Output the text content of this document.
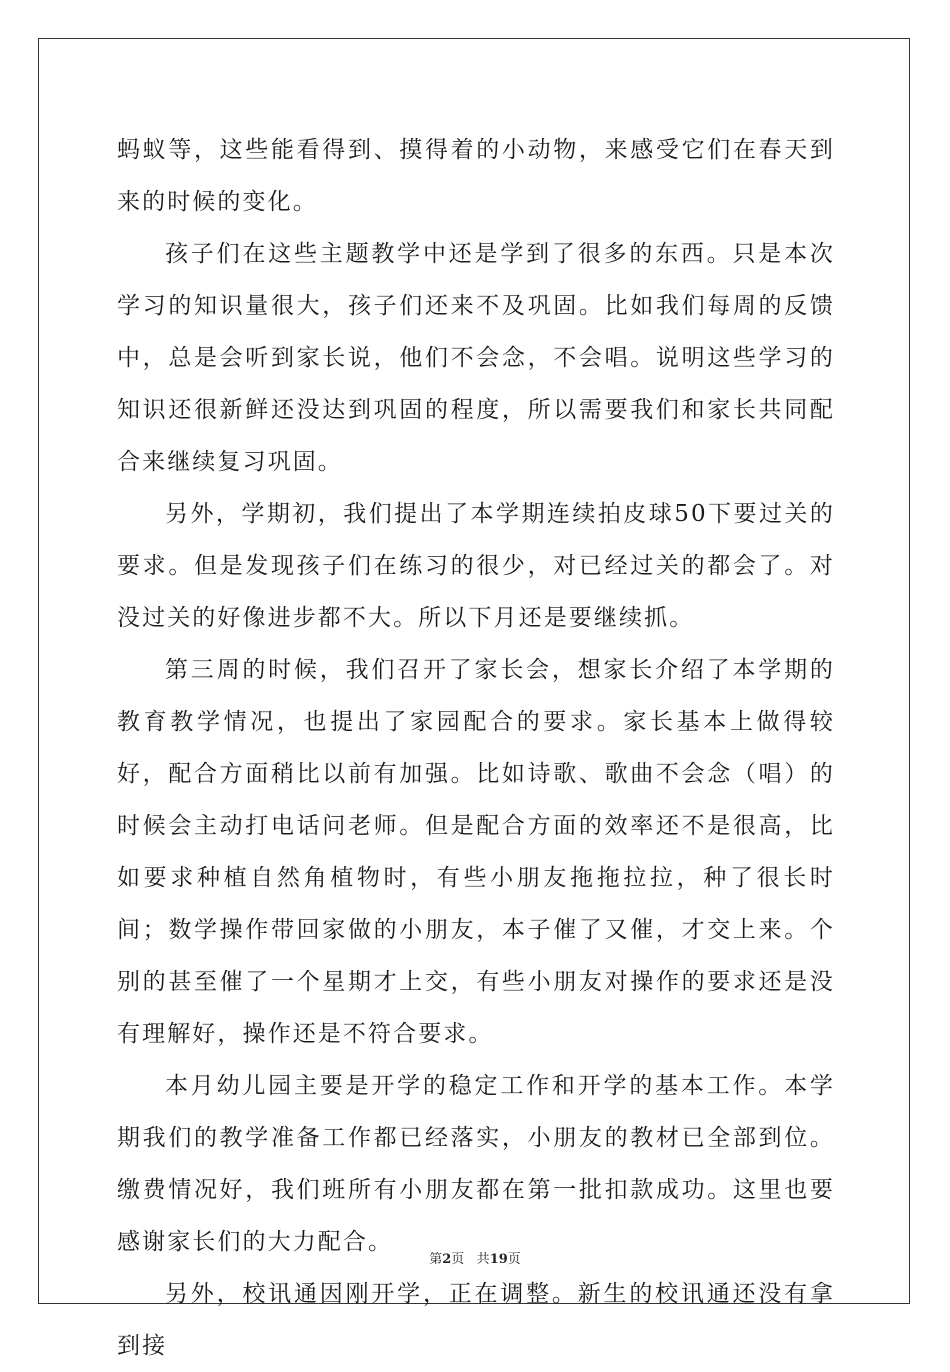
蚂蚁等，这些能看得到、摸得着的小动物，来感受它们在春天到来的时候的变化。

孩子们在这些主题教学中还是学到了很多的东西。只是本次学习的知识量很大，孩子们还来不及巩固。比如我们每周的反馈中，总是会听到家长说，他们不会念，不会唱。说明这些学习的知识还很新鲜还没达到巩固的程度，所以需要我们和家长共同配合来继续复习巩固。

另外，学期初，我们提出了本学期连续拍皮球50下要过关的要求。但是发现孩子们在练习的很少，对已经过关的都会了。对没过关的好像进步都不大。所以下月还是要继续抓。

第三周的时候，我们召开了家长会，想家长介绍了本学期的教育教学情况，也提出了家园配合的要求。家长基本上做得较好，配合方面稍比以前有加强。比如诗歌、歌曲不会念（唱）的时候会主动打电话问老师。但是配合方面的效率还不是很高，比如要求种植自然角植物时，有些小朋友拖拖拉拉，种了很长时间；数学操作带回家做的小朋友，本子催了又催，才交上来。个别的甚至催了一个星期才上交，有些小朋友对操作的要求还是没有理解好，操作还是不符合要求。

本月幼儿园主要是开学的稳定工作和开学的基本工作。本学期我们的教学准备工作都已经落实，小朋友的教材已全部到位。缴费情况好，我们班所有小朋友都在第一批扣款成功。这里也要感谢家长们的大力配合。

另外，校讯通因刚开学，正在调整。新生的校讯通还没有拿到接

第2页 共19页
